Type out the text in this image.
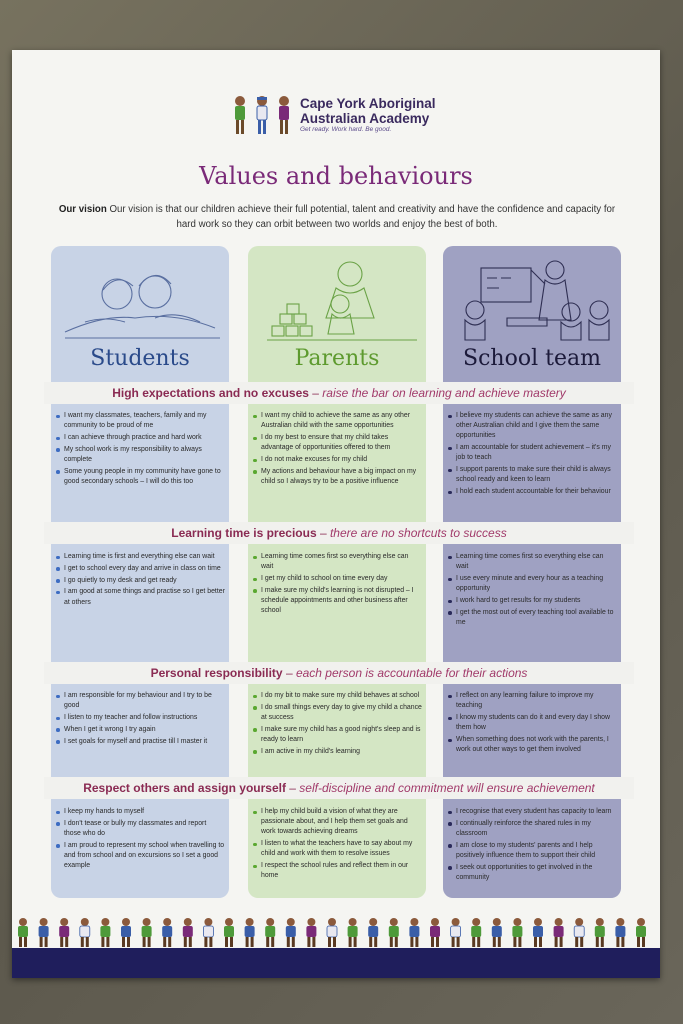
Cape York Aboriginal
Australian Academy
Get ready. Work hard. Be good.
Values and behaviours
Our vision Our vision is that our children achieve their full potential, talent and creativity and have the confidence and capacity for hard work so they can orbit between two worlds and enjoy the best of both.
Students	Parents	School team
High expectations and no excuses – raise the bar on learning and achieve mastery
I want my classmates, teachers, family and my community to be proud of me
I can achieve through practice and hard work
My school work is my responsibility to always complete
Some young people in my community have gone to good secondary schools – I will do this too
I want my child to achieve the same as any other Australian child with the same opportunities
I do my best to ensure that my child takes advantage of opportunities offered to them
I do not make excuses for my child
My actions and behaviour have a big impact on my child so I always try to be a positive influence
I believe my students can achieve the same as any other Australian child and I give them the same opportunities
I am accountable for student achievement – it's my job to teach
I support parents to make sure their child is always school ready and keen to learn
I hold each student accountable for their behaviour
Learning time is precious – there are no shortcuts to success
Learning time is first and everything else can wait
I get to school every day and arrive in class on time
I go quietly to my desk and get ready
I am good at some things and practise so I get better at others
Learning time comes first so everything else can wait
I get my child to school on time every day
I make sure my child's learning is not disrupted – I schedule appointments and other business after school
Learning time comes first so everything else can wait
I use every minute and every hour as a teaching opportunity
I work hard to get results for my students
I get the most out of every teaching tool available to me
Personal responsibility – each person is accountable for their actions
I am responsible for my behaviour and I try to be good
I listen to my teacher and follow instructions
When I get it wrong I try again
I set goals for myself and practise till I master it
I do my bit to make sure my child behaves at school
I do small things every day to give my child a chance at success
I make sure my child has a good night's sleep and is ready to learn
I am active in my child's learning
I reflect on any learning failure to improve my teaching
I know my students can do it and every day I show them how
When something does not work with the parents, I work out other ways to get them involved
Respect others and assign yourself – self-discipline and commitment will ensure achievement
I keep my hands to myself
I don't tease or bully my classmates and report those who do
I am proud to represent my school when travelling to and from school and on excursions so I set a good example
I help my child build a vision of what they are passionate about, and I help them set goals and work towards achieving dreams
I listen to what the teachers have to say about my child and work with them to resolve issues
I respect the school rules and reflect them in our home
I recognise that every student has capacity to learn
I continually reinforce the shared rules in my classroom
I am close to my students' parents and I help positively influence them to support their child
I seek out opportunities to get involved in the community
